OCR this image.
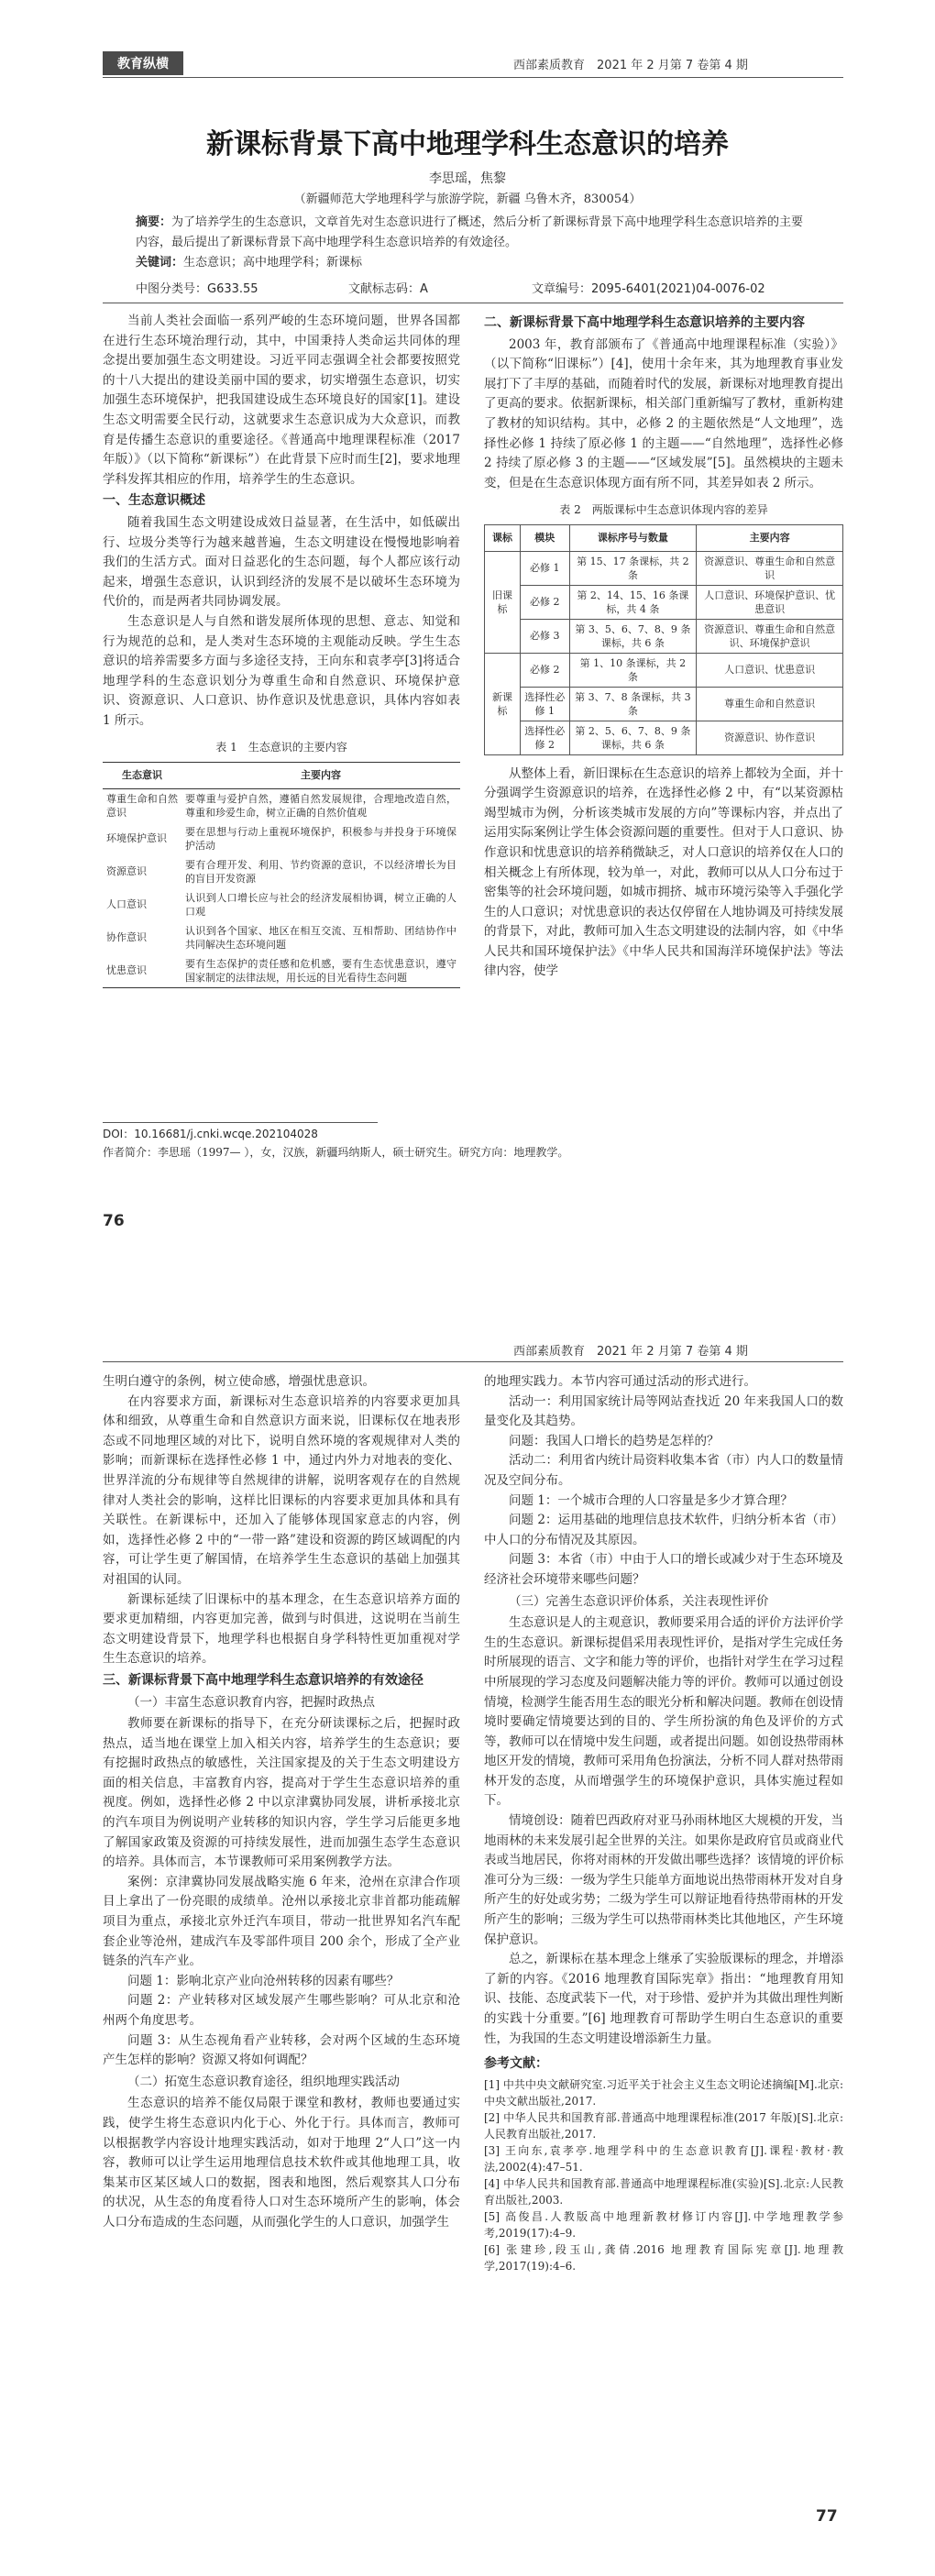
教育纵横	西部素质教育　 2021 年 2 月第 7 卷第 4 期
新课标背景下高中地理学科生态意识的培养
李思瑶，焦黎
（新疆师范大学地理科学与旅游学院，新疆 乌鲁木齐，830054）
摘要：为了培养学生的生态意识，文章首先对生态意识进行了概述，然后分析了新课标背景下高中地理学科生态意识培养的主要内容，最后提出了新课标背景下高中地理学科生态意识培养的有效途径。
关键词：生态意识；高中地理学科；新课标
中图分类号：G633.55	文献标志码：A	文章编号：2095-6401(2021)04-0076-02

当前人类社会面临一系列严峻的生态环境问题，世界各国都在进行生态环境治理行动，其中，中国秉持人类命运共同体的理念提出要加强生态文明建设。习近平同志强调全社会都要按照党的十八大提出的建设美丽中国的要求，切实增强生态意识，切实加强生态环境保护，把我国建设成生态环境良好的国家[1]。建设生态文明需要全民行动，这就要求生态意识成为大众意识，而教育是传播生态意识的重要途径。《普通高中地理课程标准（2017年版）》（以下简称“新课标”）在此背景下应时而生[2]，要求地理学科发挥其相应的作用，培养学生的生态意识。

一、生态意识概述

随着我国生态文明建设成效日益显著，在生活中，如低碳出行、垃圾分类等行为越来越普遍，生态文明建设在慢慢地影响着我们的生活方式。面对日益恶化的生态问题，每个人都应该行动起来，增强生态意识，认识到经济的发展不是以破坏生态环境为代价的，而是两者共同协调发展。

生态意识是人与自然和谐发展所体现的思想、意志、知觉和行为规范的总和，是人类对生态环境的主观能动反映。学生生态意识的培养需要多方面与多途径支持，王向东和袁孝亭[3]将适合地理学科的生态意识划分为尊重生命和自然意识、环境保护意识、资源意识、人口意识、协作意识及忧患意识，具体内容如表 1 所示。

表 1　生态意识的主要内容
生态意识	主要内容
尊重生命和自然意识	要尊重与爱护自然，遵循自然发展规律，合理地改造自然，尊重和珍爱生命，树立正确的自然价值观
环境保护意识	要在思想与行动上重视环境保护，积极参与并投身于环境保护活动
资源意识	要有合理开发、利用、节约资源的意识，不以经济增长为目的盲目开发资源
人口意识	认识到人口增长应与社会的经济发展相协调，树立正确的人口观
协作意识	认识到各个国家、地区在相互交流、互相帮助、团结协作中共同解决生态环境问题
忧患意识	要有生态保护的责任感和危机感，要有生态忧患意识，遵守国家制定的法律法规，用长远的目光看待生态问题
二、新课标背景下高中地理学科生态意识培养的主要内容

2003 年，教育部颁布了《普通高中地理课程标准（实验）》（以下简称“旧课标”）[4]，使用十余年来，其为地理教育事业发展打下了丰厚的基础，而随着时代的发展，新课标对地理教育提出了更高的要求。依据新课标，相关部门重新编写了教材，重新构建了教材的知识结构。其中，必修 2 的主题依然是“人文地理”，选择性必修 1 持续了原必修 1 的主题——“自然地理”，选择性必修 2 持续了原必修 3 的主题——“区域发展”[5]。虽然模块的主题未变，但是在生态意识体现方面有所不同，其差异如表 2 所示。

表 2　两版课标中生态意识体现内容的差异
课标	模块	课标序号与数量	主要内容
旧课标	必修 1	第 15、17 条课标，共 2 条	资源意识、尊重生命和自然意识
	必修 2	第 2、14、15、16 条课标，共 4 条	人口意识、环境保护意识、忧患意识
	必修 3	第 3、5、6、7、8、9 条课标，共 6 条	资源意识、尊重生命和自然意识、环境保护意识
新课标	必修 2	第 1、10 条课标，共 2 条	人口意识、忧患意识
	选择性必修 1	第 3、7、8 条课标，共 3 条	尊重生命和自然意识
	选择性必修 2	第 2、5、6、7、8、9 条课标，共 6 条	资源意识、协作意识

从整体上看，新旧课标在生态意识的培养上都较为全面，并十分强调学生资源意识的培养，在选择性必修 2 中，有“以某资源枯竭型城市为例，分析该类城市发展的方向”等课标内容，并点出了运用实际案例让学生体会资源问题的重要性。但对于人口意识、协作意识和忧患意识的培养稍微缺乏，对人口意识的培养仅在人口的相关概念上有所体现，较为单一，对此，教师可以从人口分布过于密集等的社会环境问题，如城市拥挤、城市环境污染等入手强化学生的人口意识；对忧患意识的表达仅停留在人地协调及可持续发展的背景下，对此，教师可加入生态文明建设的法制内容，如《中华人民共和国环境保护法》《中华人民共和国海洋环境保护法》等法律内容，使学

DOI：10.16681/j.cnki.wcqe.202104028
作者简介：李思瑶（1997— ），女，汉族，新疆玛纳斯人，硕士研究生。研究方向：地理教学。
76
西部素质教育　 2021 年 2 月第 7 卷第 4 期

生明白遵守的条例，树立使命感，增强忧患意识。

在内容要求方面，新课标对生态意识培养的内容要求更加具体和细致，从尊重生命和自然意识方面来说，旧课标仅在地表形态或不同地理区域的对比下，说明自然环境的客观规律对人类的影响；而新课标在选择性必修 1 中，通过内外力对地表的变化、世界洋流的分布规律等自然规律的讲解，说明客观存在的自然规律对人类社会的影响，这样比旧课标的内容要求更加具体和具有关联性。在新课标中，还加入了能够体现国家意志的内容，例如，选择性必修 2 中的“一带一路”建设和资源的跨区域调配的内容，可让学生更了解国情，在培养学生生态意识的基础上加强其对祖国的认同。

新课标延续了旧课标中的基本理念，在生态意识培养方面的要求更加精细，内容更加完善，做到与时俱进，这说明在当前生态文明建设背景下，地理学科也根据自身学科特性更加重视对学生生态意识的培养。

三、新课标背景下高中地理学科生态意识培养的有效途径
（一）丰富生态意识教育内容，把握时政热点

教师要在新课标的指导下，在充分研读课标之后，把握时政热点，适当地在课堂上加入相关内容，培养学生的生态意识；要有挖掘时政热点的敏感性，关注国家提及的关于生态文明建设方面的相关信息，丰富教育内容，提高对于学生生态意识培养的重视度。例如，选择性必修 2 中以京津冀协同发展，讲析承接北京的汽车项目为例说明产业转移的知识内容，学生学习后能更多地了解国家政策及资源的可持续发展性，进而加强生态学生态意识的培养。具体而言，本节课教师可采用案例教学方法。

案例：京津冀协同发展战略实施 6 年来，沧州在京津合作项目上拿出了一份亮眼的成绩单。沧州以承接北京非首都功能疏解项目为重点，承接北京外迁汽车项目，带动一批世界知名汽车配套企业等沧州，建成汽车及零部件项目 200 余个，形成了全产业链条的汽车产业。

问题 1：影响北京产业向沧州转移的因素有哪些？

问题 2：产业转移对区域发展产生哪些影响？可从北京和沧州两个角度思考。

问题 3：从生态视角看产业转移，会对两个区域的生态环境产生怎样的影响？资源又将如何调配？

（二）拓宽生态意识教育途径，组织地理实践活动

生态意识的培养不能仅局限于课堂和教材，教师也要通过实践，使学生将生态意识内化于心、外化于行。具体而言，教师可以根据教学内容设计地理实践活动，如对于地理 2“人口”这一内容，教师可以让学生运用地理信息技术软件或其他地理工具，收集某市区某区域人口的数据，图表和地图，然后观察其人口分布的状况，从生态的角度看待人口对生态环境所产生的影响，体会人口分布造成的生态问题，从而强化学生的人口意识，加强学生

的地理实践力。本节内容可通过活动的形式进行。

活动一：利用国家统计局等网站查找近 20 年来我国人口的数量变化及其趋势。

问题：我国人口增长的趋势是怎样的？

活动二：利用省内统计局资料收集本省（市）内人口的数量情况及空间分布。

问题 1：一个城市合理的人口容量是多少才算合理？

问题 2：运用基础的地理信息技术软件，归纳分析本省（市）中人口的分布情况及其原因。

问题 3：本省（市）中由于人口的增长或减少对于生态环境及经济社会环境带来哪些问题？

（三）完善生态意识评价体系，关注表现性评价

生态意识是人的主观意识，教师要采用合适的评价方法评价学生的生态意识。新课标提倡采用表现性评价，是指对学生完成任务时所展现的语言、文字和能力等的评价，也指针对学生在学习过程中所展现的学习态度及问题解决能力等的评价。教师可以通过创设情境，检测学生能否用生态的眼光分析和解决问题。教师在创设情境时要确定情境要达到的目的、学生所扮演的角色及评价的方式等，教师可以在情境中发生问题，或者提出问题。如创设热带雨林地区开发的情境，教师可采用角色扮演法，分析不同人群对热带雨林开发的态度，从而增强学生的环境保护意识，具体实施过程如下。

情境创设：随着巴西政府对亚马孙雨林地区大规模的开发，当地雨林的未来发展引起全世界的关注。如果你是政府官员或商业代表或当地居民，你将对雨林的开发做出哪些选择？该情境的评价标准可分为三级：一级为学生只能单方面地说出热带雨林开发对自身所产生的好处或劣势；二级为学生可以辩证地看待热带雨林的开发所产生的影响；三级为学生可以热带雨林类比其他地区，产生环境保护意识。

总之，新课标在基本理念上继承了实验版课标的理念，并增添了新的内容。《2016 地理教育国际宪章》指出：“地理教育用知识、技能、态度武装下一代，对于珍惜、爱护并为其做出理性判断的实践十分重要。”[6] 地理教育可帮助学生明白生态意识的重要性，为我国的生态文明建设增添新生力量。

参考文献：
[1] 中共中央文献研究室.习近平关于社会主义生态文明论述摘编[M].北京:中央文献出版社,2017.
[2] 中华人民共和国教育部.普通高中地理课程标准(2017 年版)[S].北京:人民教育出版社,2017.
[3] 王向东,袁孝亭.地理学科中的生态意识教育[J].课程·教材·教法,2002(4):47–51.
[4] 中华人民共和国教育部.普通高中地理课程标准(实验)[S].北京:人民教育出版社,2003.
[5] 高俊昌.人教版高中地理新教材修订内容[J].中学地理教学参考,2019(17):4–9.
[6] 张建珍,段玉山,龚倩.2016 地理教育国际宪章[J].地理教学,2017(19):4–6.
77
